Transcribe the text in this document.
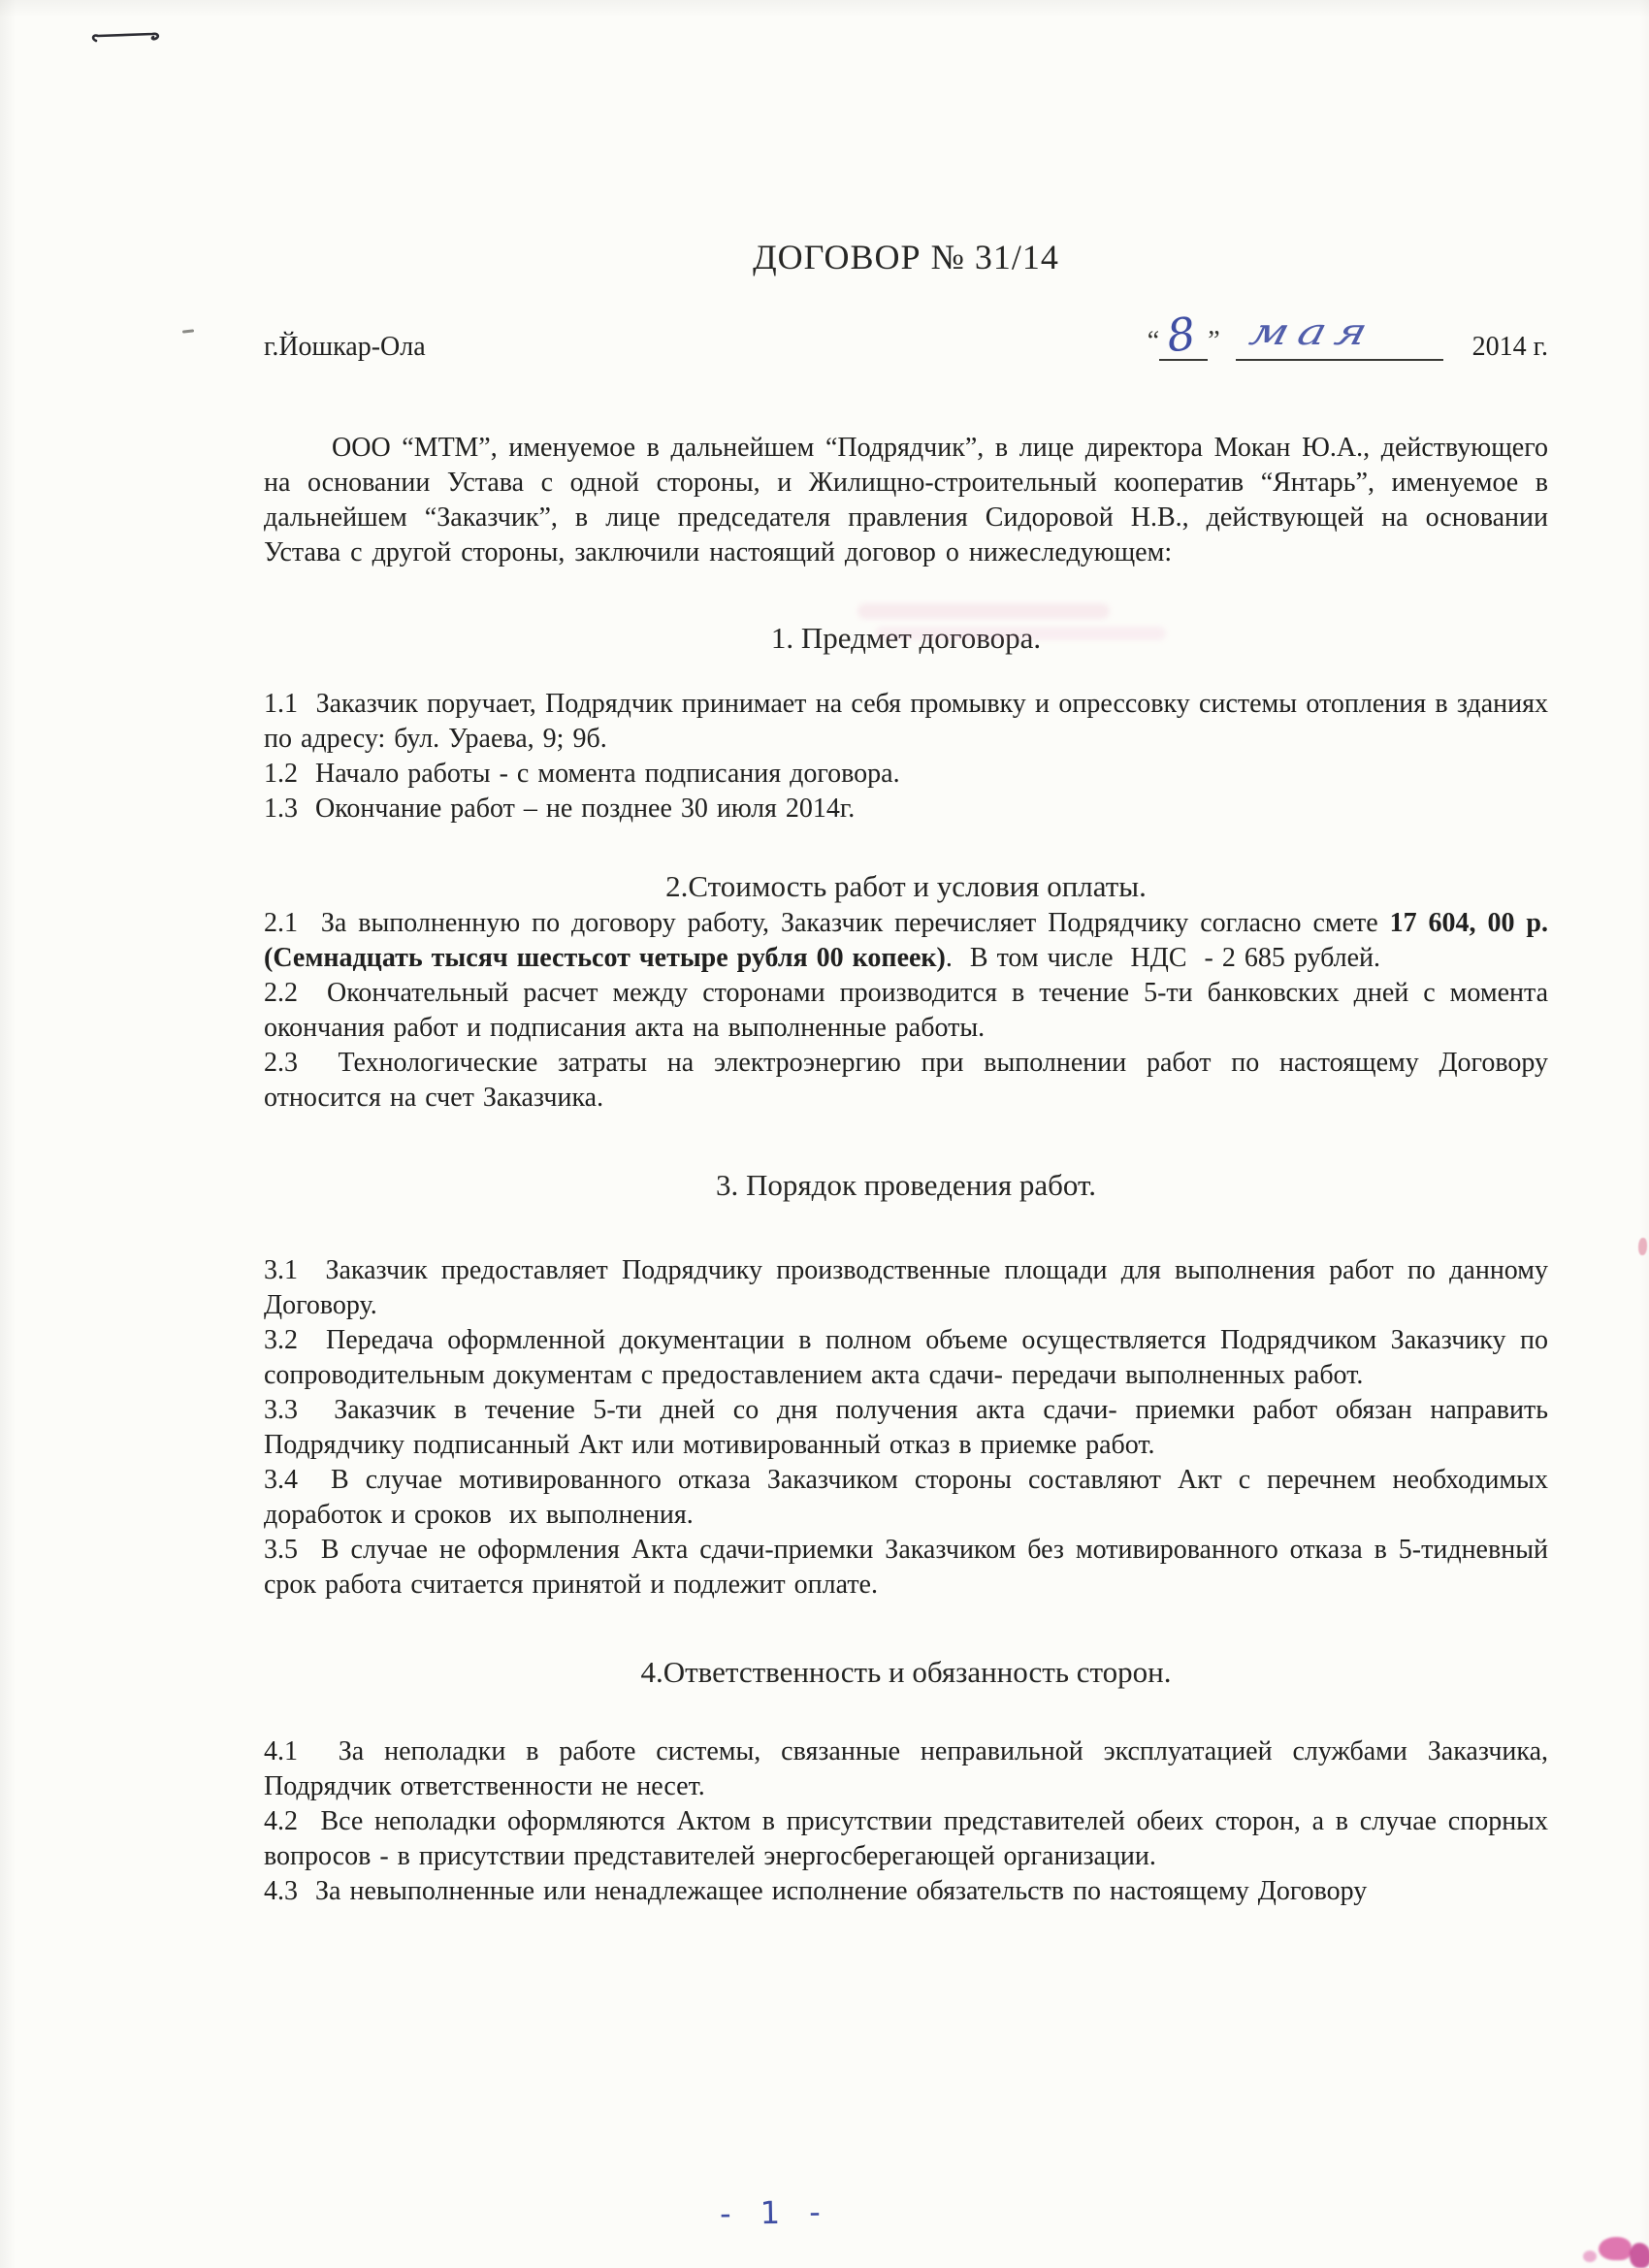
ДОГОВОР № 31/14
г.Йошкар-Ола	“ 8 ” мая	2014 г.

ООО “МТМ”, именуемое в дальнейшем “Подрядчик”, в лице директора Мокан Ю.А., действующего на основании Устава с одной стороны, и Жилищно-строительный кооператив “Янтарь”, именуемое в дальнейшем “Заказчик”, в лице председателя правления Сидоровой Н.В., действующей на основании Устава с другой стороны, заключили настоящий договор о нижеследующем:

1. Предмет договора.

1.1  Заказчик поручает, Подрядчик принимает на себя промывку и опрессовку системы отопления в зданиях по адресу: бул. Ураева, 9; 9б.

1.2  Начало работы - с момента подписания договора.

1.3  Окончание работ – не позднее 30 июля 2014г.

2.Стоимость работ и условия оплаты.

2.1  За выполненную по договору работу, Заказчик перечисляет Подрядчику согласно смете 17 604, 00 р. (Семнадцать тысяч шестьсот четыре рубля 00 копеек).  В том числе  НДС  - 2 685 рублей.

2.2  Окончательный расчет между сторонами производится в течение 5-ти банковских дней с момента окончания работ и подписания акта на выполненные работы.

2.3  Технологические затраты на электроэнергию при выполнении работ по настоящему Договору относится на счет Заказчика.

3. Порядок проведения работ.

3.1  Заказчик предоставляет Подрядчику производственные площади для выполнения работ по данному Договору.

3.2  Передача оформленной документации в полном объеме осуществляется Подрядчиком Заказчику по сопроводительным документам с предоставлением акта сдачи- передачи выполненных работ.

3.3  Заказчик в течение 5-ти дней со дня получения акта сдачи- приемки работ обязан направить Подрядчику подписанный Акт или мотивированный отказ в приемке работ.

3.4  В случае мотивированного отказа Заказчиком стороны составляют Акт с перечнем необходимых доработок и сроков  их выполнения.

3.5  В случае не оформления Акта сдачи-приемки Заказчиком без мотивированного отказа в 5-тидневный срок работа считается принятой и подлежит оплате.

4.Ответственность и обязанность сторон.

4.1  За неполадки в работе системы, связанные неправильной эксплуатацией службами Заказчика, Подрядчик ответственности не несет.

4.2  Все неполадки оформляются Актом в присутствии представителей обеих сторон, а в случае спорных вопросов - в присутствии представителей энергосберегающей организации.

4.3  За невыполненные или ненадлежащее исполнение обязательств по настоящему Договору

- 1 -
